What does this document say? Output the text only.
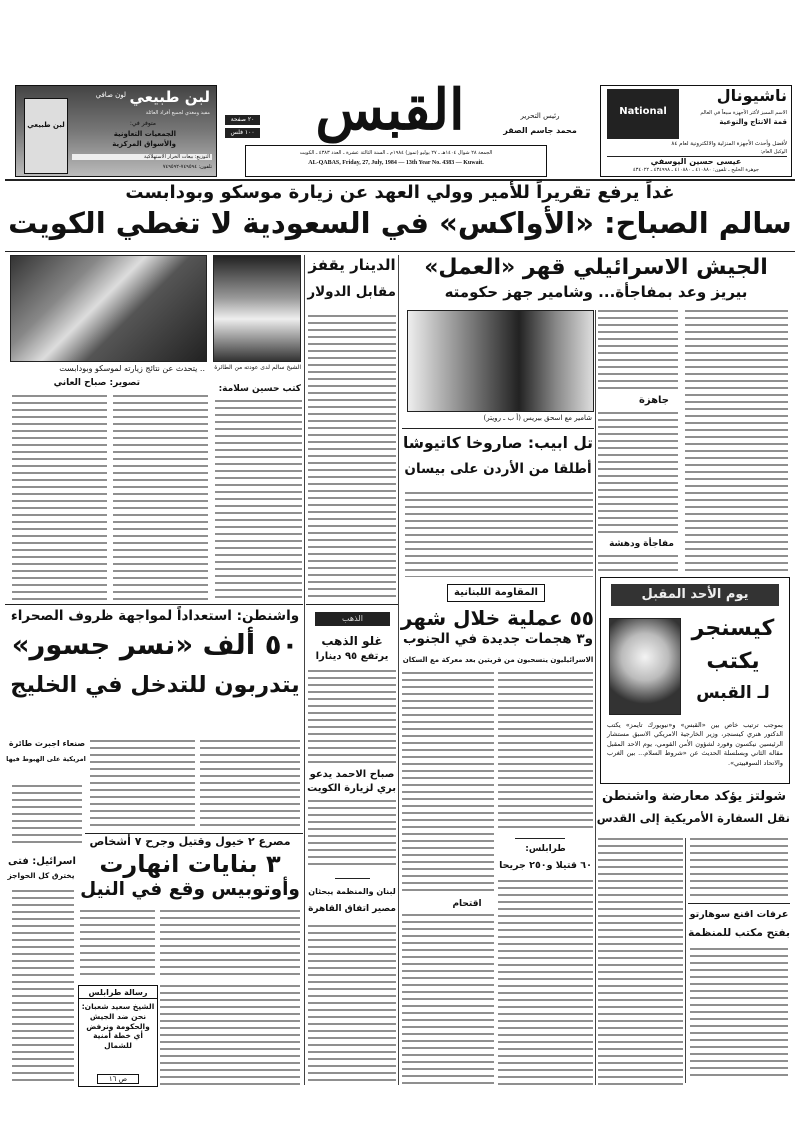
National
ناشيونال
الاسم المميز لأكثر الأجهزة مبيعاً في العالم
قمة الانتاج والنوعية
لأفضل وأحدث الأجهزة المنزلية والالكترونية لعام ٨٤
الوكيل العام:
عيسى حسين اليوسفي
جوهرة الخليج ـ تلفون: ٤١٠٨٨٠ ـ ٤١٠٨٨٠ ـ ٤٣٤٩٩٨ ـ ٤٣٤٠٢٢
رئيس التحرير
محمد جاسم الصقر
القبس
٢٠ صفحة
١٠٠ فلس
الجمعة ٢٨ شوال ١٤٠٤هـ ـ ٢٧ يوليو (تموز) ١٩٨٤م ـ السنة الثالثة عشرة ـ العدد ٤٣٨٣ ـ الكويت
AL-QABAS, Friday, 27, July, 1984 — 13th Year No. 4383 — Kuwait.
لبن طبيعي
لون صافي
مفيد ومغذي لجميع أفراد العائلة
لبن طبيعي	متوفر في:
الجمعيات التعاونية
والأسواق المركزية
التوزيع: بيعات الخرار الاستهلاكية
تلفون: ٧٤٩٥٩٤-٧٤٩٥٩٢
غداً يرفع تقريراً للأمير وولي العهد عن زيارة موسكو وبودابست
سالم الصباح: «الأواكس» في السعودية لا تغطي الكويت
.. يتحدث عن نتائج زيارته لموسكو وبودابست الشيخ سالم لدى عودته من الطائرة
تصوير: صباح العاني
كتب حسين سلامة:
واشنطن: استعداداً لمواجهة ظروف الصحراء
٥٠ ألف «نسر جسور»
يتدربون للتدخل في الخليج
صنعاء اجبرت طائرة
امريكية على الهبوط فيها
اسرائيل: فتى
يخترق كل الحواجز
مصرع ٢ خيول وقتيل وجرح ٧ أشخاص
٣ بنايات انهارت
وأوتوبيس وقع في النيل
رسالة طرابلس
الشيخ سعيد شعبان: نحن ضد الجيش والحكومة ونرفض أي خطة أمنية للشمال
ص ١٦
الدينار يقفز
مقابل الدولار
الذهب
غلو الذهب
يرتفع ٩٥ دينارا
صباح الاحمد يدعو
بري لزيارة الكويت
لبنان والمنظمة يبحثان
مصير اتفاق القاهرة
الجيش الاسرائيلي قهر «العمل»
بيريز وعد بمفاجأة... وشامير جهز حكومته
شامير مع اسحق بيريس (أ ب ـ رويتر)
جاهزة
مفاجأة ودهشة
تل ابيب: صاروخا كاتيوشا
أطلقا من الأردن على بيسان
المقاومة اللبنانية
٥٥ عملية خلال شهر
و٣ هجمات جديدة في الجنوب
الاسرائيليون ينسحبون من قريتين بعد معركة مع السكان
اقتحام
طرابلس:
٦٠ قتيلا و٢٥٠ جريحا
يوم الأحد المقبل
كيسنجر
يكتب
لـ القبس
بموجب ترتيب خاص بين «القبس» و«نيويورك تايمز» يكتب الدكتور هنري كيسنجر، وزير الخارجية الامريكي الاسبق مستشار الرئيسين نيكسون وفورد لشؤون الأمن القومي، يوم الاحد المقبل مقاله الثاني وبسلسلة الحديث عن «شروط السلام... بين الغرب والاتحاد السوفييتي».
شولتز يؤكد معارضة واشنطن
نقل السفارة الأمريكية إلى القدس
عرفات اقنع سوهارتو
بفتح مكتب للمنظمة
